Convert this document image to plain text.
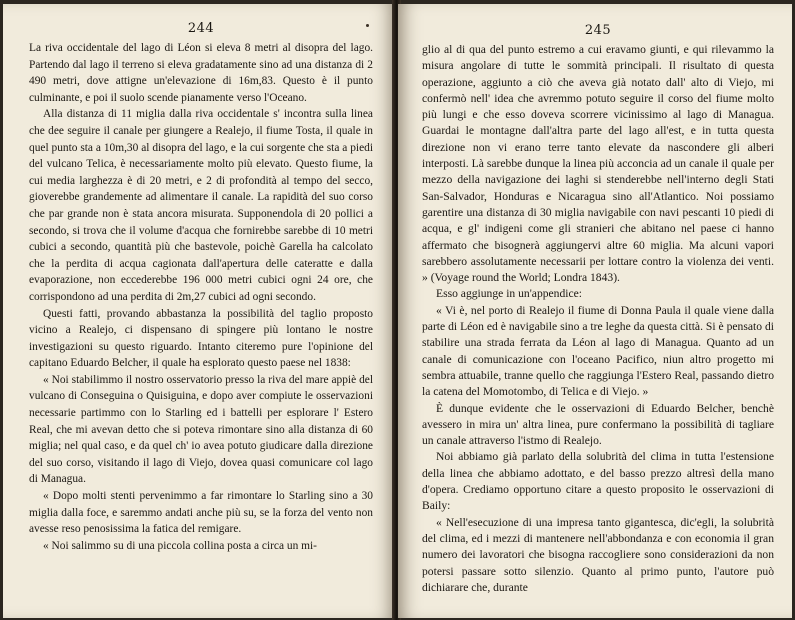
244

La riva occidentale del lago di Léon si eleva 8 metri al disopra del lago. Partendo dal lago il terreno si eleva gradatamente sino ad una distanza di 2 490 metri, dove attigne un'elevazione di 16m,83. Questo è il punto culminante, e poi il suolo scende pianamente verso l'Oceano.

Alla distanza di 11 miglia dalla riva occidentale s' incontra sulla linea che dee seguire il canale per giungere a Realejo, il fiume Tosta, il quale in quel punto sta a 10m,30 al disopra del lago, e la cui sorgente che sta a piedi del vulcano Telica, è necessariamente molto più elevato. Questo fiume, la cui media larghezza è di 20 metri, e 2 di profondità al tempo del secco, gioverebbe grandemente ad alimentare il canale. La rapidità del suo corso che par grande non è stata ancora misurata. Supponendola di 20 pollici a secondo, si trova che il volume d'acqua che fornirebbe sarebbe di 10 metri cubici a secondo, quantità più che bastevole, poichè Garella ha calcolato che la perdita di acqua cagionata dall'apertura delle cateratte e dalla evaporazione, non eccederebbe 196 000 metri cubici ogni 24 ore, che corrispondono ad una perdita di 2m,27 cubici ad ogni secondo.

Questi fatti, provando abbastanza la possibilità del taglio proposto vicino a Realejo, ci dispensano di spingere più lontano le nostre investigazioni su questo riguardo. Intanto citeremo pure l'opinione del capitano Eduardo Belcher, il quale ha esplorato questo paese nel 1838:

« Noi stabilimmo il nostro osservatorio presso la riva del mare appiè del vulcano di Conseguina o Quisiguina, e dopo aver compiute le osservazioni necessarie partimmo con lo Starling ed i battelli per esplorare l' Estero Real, che mi avevan detto che si poteva rimontare sino alla distanza di 60 miglia; nel qual caso, e da quel ch' io avea potuto giudicare dalla direzione del suo corso, visitando il lago di Viejo, dovea quasi comunicare col lago di Managua.

« Dopo molti stenti pervenimmo a far rimontare lo Starling sino a 30 miglia dalla foce, e saremmo andati anche più su, se la forza del vento non avesse reso penosissima la fatica del remigare.

« Noi salimmo su di una piccola collina posta a circa un mi-

245

glio al di qua del punto estremo a cui eravamo giunti, e qui rilevammo la misura angolare di tutte le sommità principali. Il risultato di questa operazione, aggiunto a ciò che aveva già notato dall' alto di Viejo, mi confermò nell' idea che avremmo potuto seguire il corso del fiume molto più lungi e che esso doveva scorrere vicinissimo al lago di Managua. Guardai le montagne dall'altra parte del lago all'est, e in tutta questa direzione non vi erano terre tanto elevate da nascondere gli alberi interposti. Là sarebbe dunque la linea più acconcia ad un canale il quale per mezzo della navigazione dei laghi si stenderebbe nell'interno degli Stati San-Salvador, Honduras e Nicaragua sino all'Atlantico. Noi possiamo garentire una distanza di 30 miglia navigabile con navi pescanti 10 piedi di acqua, e gl' indigeni come gli stranieri che abitano nel paese ci hanno affermato che bisognerà aggiungervi altre 60 miglia. Ma alcuni vapori sarebbero assolutamente necessarii per lottare contro la violenza dei venti. » (Voyage round the World; Londra 1843).

Esso aggiunge in un'appendice:

« Vi è, nel porto di Realejo il fiume di Donna Paula il quale viene dalla parte di Léon ed è navigabile sino a tre leghe da questa città. Si è pensato di stabilire una strada ferrata da Léon al lago di Managua. Quanto ad un canale di comunicazione con l'oceano Pacifico, niun altro progetto mi sembra attuabile, tranne quello che raggiunga l'Estero Real, passando dietro la catena del Momotombo, di Telica e di Viejo. »

È dunque evidente che le osservazioni di Eduardo Belcher, benchè avessero in mira un' altra linea, pure confermano la possibilità di tagliare un canale attraverso l'istmo di Realejo.

Noi abbiamo già parlato della solubrità del clima in tutta l'estensione della linea che abbiamo adottato, e del basso prezzo altresì della mano d'opera. Crediamo opportuno citare a questo proposito le osservazioni di Baily:

« Nell'esecuzione di una impresa tanto gigantesca, dic'egli, la solubrità del clima, ed i mezzi di mantenere nell'abbondanza e con economia il gran numero dei lavoratori che bisogna raccogliere sono considerazioni da non potersi passare sotto silenzio. Quanto al primo punto, l'autore può dichiarare che, durante
